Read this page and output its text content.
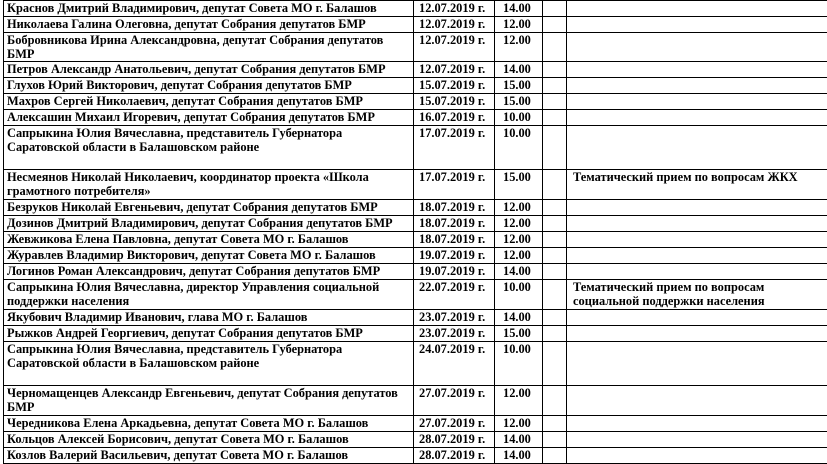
Краснов Дмитрий Владимирович, депутат Совета МО г. Балашов	12.07.2019 г.	14.00		
Николаева Галина Олеговна, депутат Собрания депутатов БМР	12.07.2019 г.	12.00		
Бобровникова Ирина Александровна, депутат Собрания депутатов БМР	12.07.2019 г.	12.00		
Петров Александр Анатольевич, депутат Собрания депутатов БМР	12.07.2019 г.	14.00		
Глухов Юрий Викторович, депутат Собрания депутатов БМР	15.07.2019 г.	15.00		
Махров Сергей Николаевич, депутат Собрания депутатов БМР	15.07.2019 г.	15.00		
Алексашин Михаил Игоревич, депутат Собрания депутатов БМР	16.07.2019 г.	10.00		
Сапрыкина Юлия Вячеславна, представитель Губернатора Саратовской области в Балашовском районе	17.07.2019 г.	10.00		
Несмеянов Николай Николаевич, координатор проекта «Школа грамотного потребителя»	17.07.2019 г.	15.00		Тематический прием по вопросам ЖКХ
Безруков Николай Евгеньевич, депутат Собрания депутатов БМР	18.07.2019 г.	12.00		
Дозинов Дмитрий Владимирович, депутат Собрания депутатов БМР	18.07.2019 г.	12.00		
Жевжикова Елена Павловна, депутат Совета МО г. Балашов	18.07.2019 г.	12.00		
Журавлев Владимир Викторович, депутат Совета МО г. Балашов	19.07.2019 г.	12.00		
Логинов Роман Александрович, депутат Собрания депутатов БМР	19.07.2019 г.	14.00		
Сапрыкина Юлия Вячеславна, директор Управления социальной поддержки населения	22.07.2019 г.	10.00		Тематический прием по вопросам социальной поддержки населения
Якубович Владимир Иванович, глава МО г. Балашов	23.07.2019 г.	14.00		
Рыжков Андрей Георгиевич, депутат Собрания депутатов БМР	23.07.2019 г.	15.00		
Сапрыкина Юлия Вячеславна, представитель Губернатора Саратовской области в Балашовском районе	24.07.2019 г.	10.00		
Черномащенцев Александр Евгеньевич, депутат Собрания депутатов БМР	27.07.2019 г.	12.00		
Чередникова Елена Аркадьевна, депутат Совета МО г. Балашов	27.07.2019 г.	12.00		
Кольцов Алексей Борисович, депутат Совета МО г. Балашов	28.07.2019 г.	14.00		
Козлов Валерий Васильевич, депутат Совета МО г. Балашов	28.07.2019 г.	14.00		
